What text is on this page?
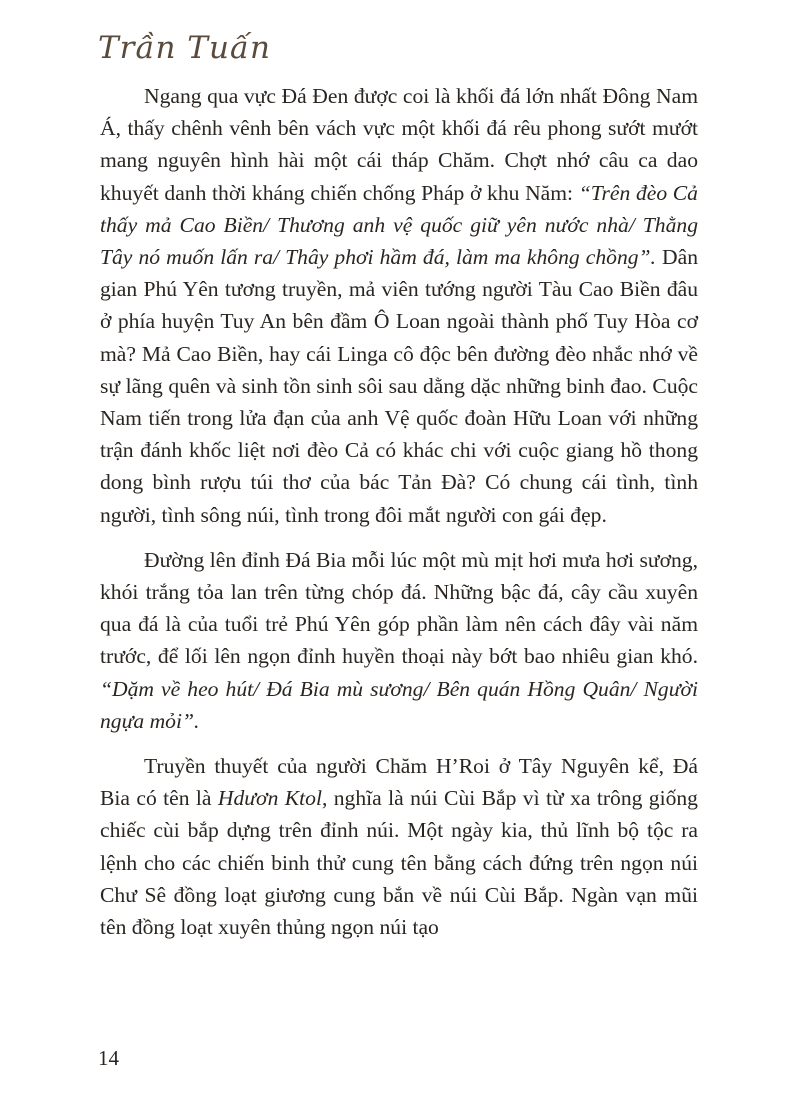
Trần Tuấn

Ngang qua vực Đá Đen được coi là khối đá lớn nhất Đông Nam Á, thấy chênh vênh bên vách vực một khối đá rêu phong sướt mướt mang nguyên hình hài một cái tháp Chăm. Chợt nhớ câu ca dao khuyết danh thời kháng chiến chống Pháp ở khu Năm: “Trên đèo Cả thấy mả Cao Biền/ Thương anh vệ quốc giữ yên nước nhà/ Thằng Tây nó muốn lấn ra/ Thây phơi hầm đá, làm ma không chồng”. Dân gian Phú Yên tương truyền, mả viên tướng người Tàu Cao Biền đâu ở phía huyện Tuy An bên đầm Ô Loan ngoài thành phố Tuy Hòa cơ mà? Mả Cao Biền, hay cái Linga cô độc bên đường đèo nhắc nhớ về sự lãng quên và sinh tồn sinh sôi sau dằng dặc những binh đao. Cuộc Nam tiến trong lửa đạn của anh Vệ quốc đoàn Hữu Loan với những trận đánh khốc liệt nơi đèo Cả có khác chi với cuộc giang hồ thong dong bình rượu túi thơ của bác Tản Đà? Có chung cái tình, tình người, tình sông núi, tình trong đôi mắt người con gái đẹp.

Đường lên đỉnh Đá Bia mỗi lúc một mù mịt hơi mưa hơi sương, khói trắng tỏa lan trên từng chóp đá. Những bậc đá, cây cầu xuyên qua đá là của tuổi trẻ Phú Yên góp phần làm nên cách đây vài năm trước, để lối lên ngọn đỉnh huyền thoại này bớt bao nhiêu gian khó. “Dặm về heo hút/ Đá Bia mù sương/ Bên quán Hồng Quân/ Người ngựa mỏi”.

Truyền thuyết của người Chăm H’Roi ở Tây Nguyên kể, Đá Bia có tên là Hdươn Ktol, nghĩa là núi Cùi Bắp vì từ xa trông giống chiếc cùi bắp dựng trên đỉnh núi. Một ngày kia, thủ lĩnh bộ tộc ra lệnh cho các chiến binh thử cung tên bằng cách đứng trên ngọn núi Chư Sê đồng loạt giương cung bắn về núi Cùi Bắp. Ngàn vạn mũi tên đồng loạt xuyên thủng ngọn núi tạo

14
